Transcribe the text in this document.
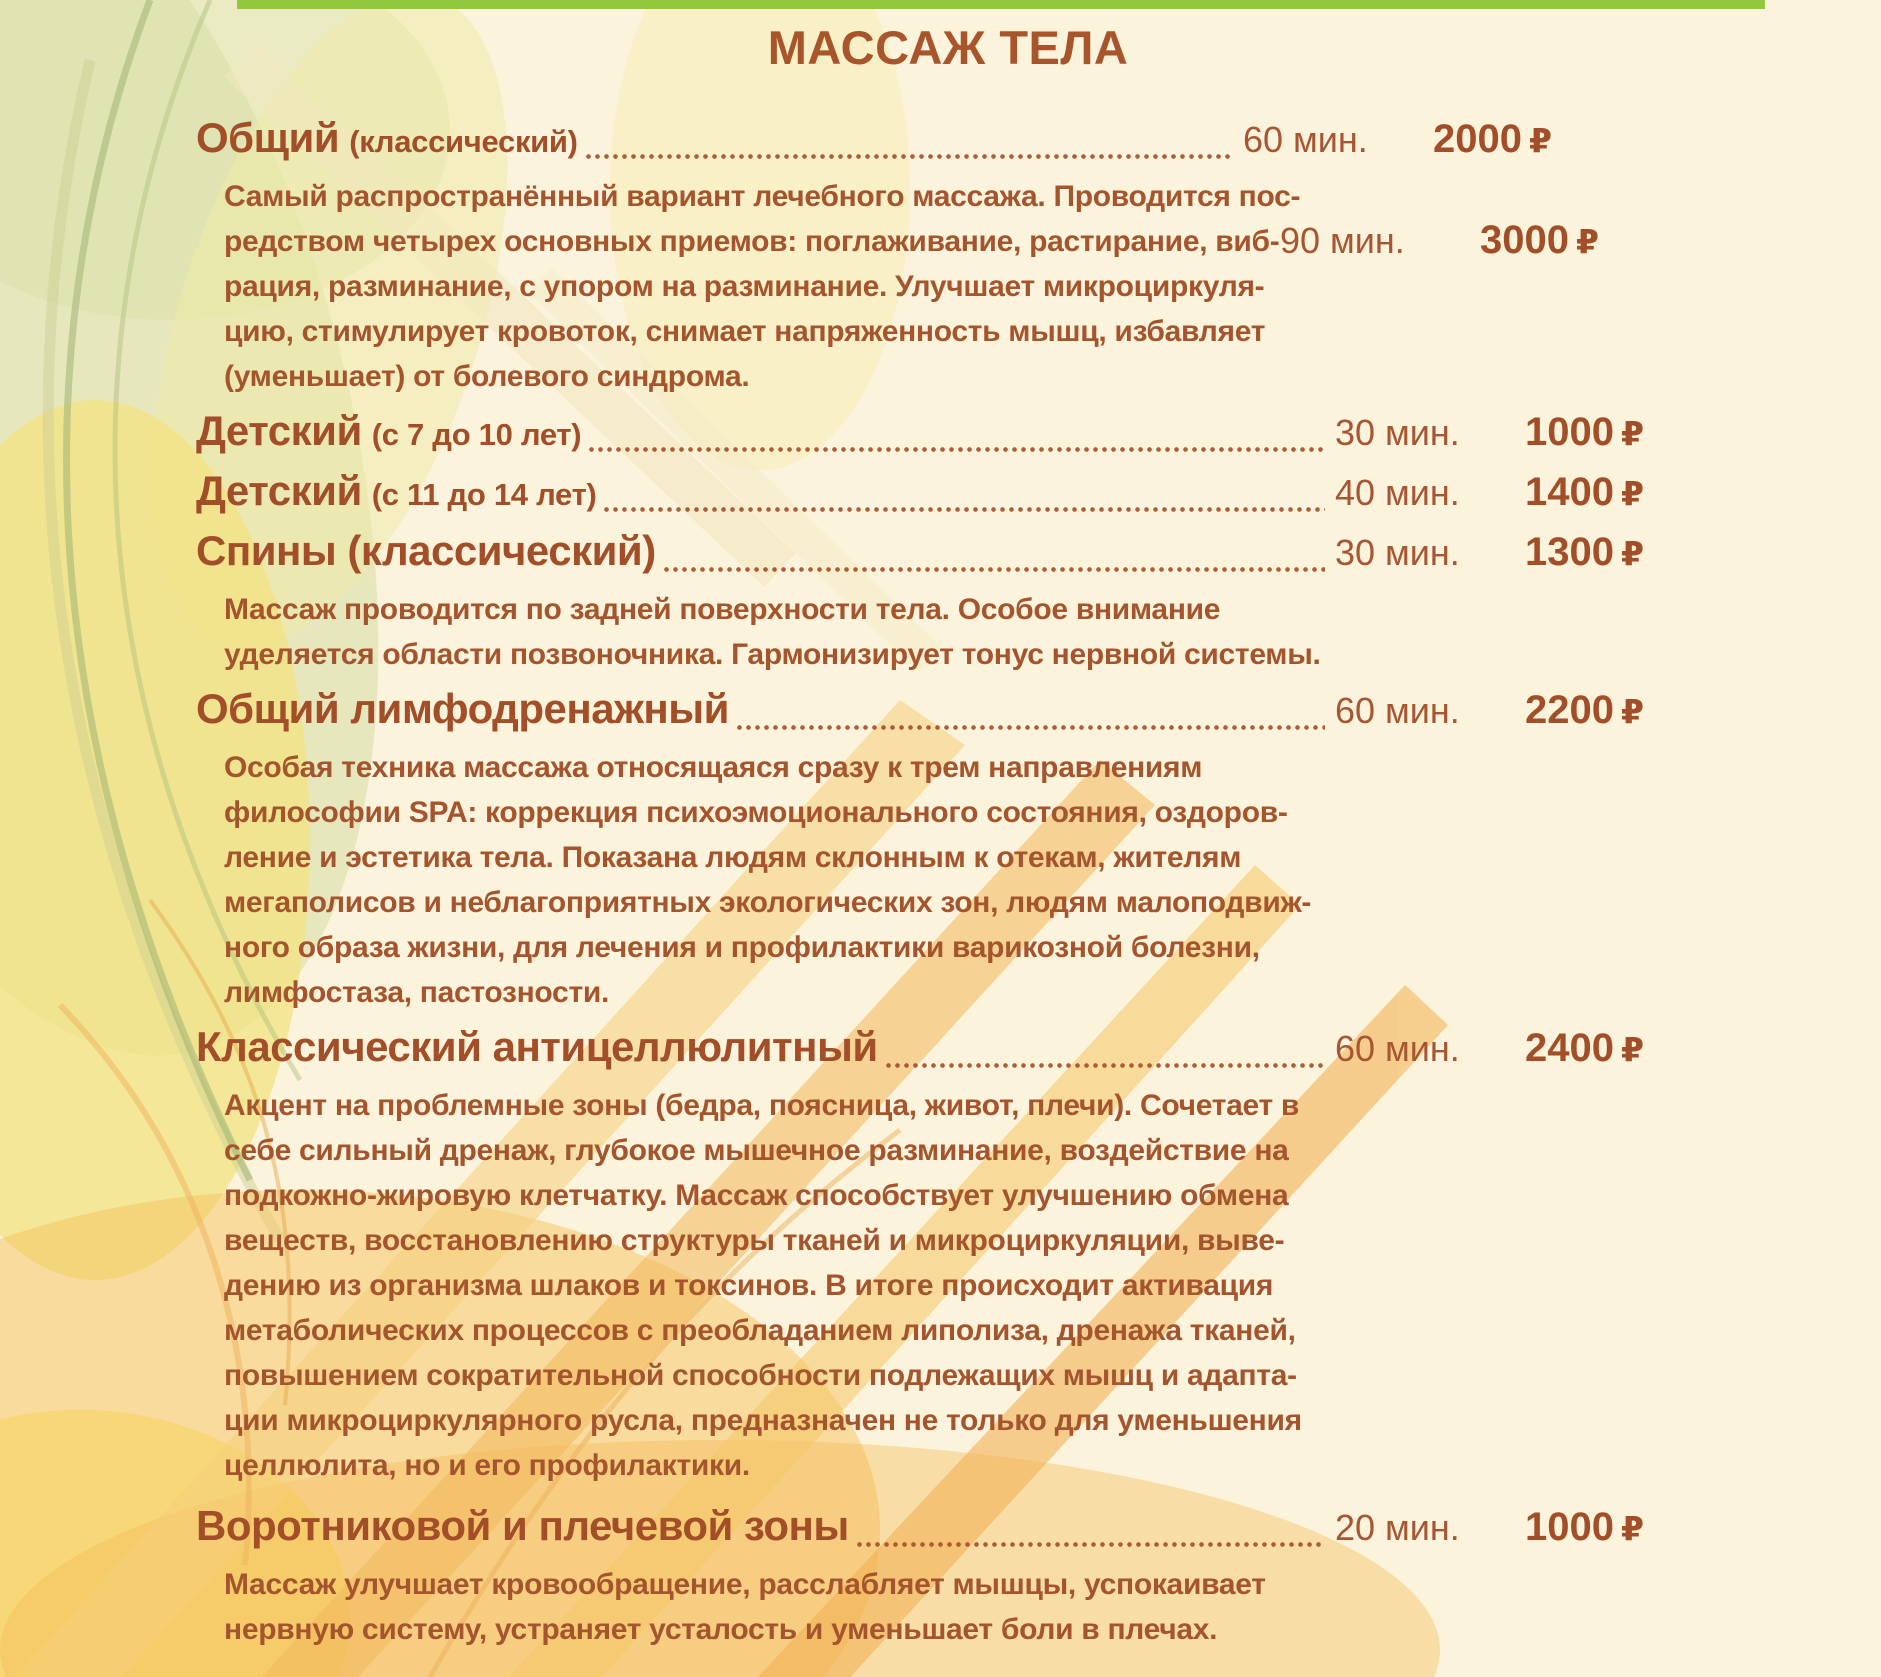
МАССАЖ ТЕЛА
Общий (классический)	60 мин.	2000 ₽
Самый распространённый вариант лечебного массажа. Проводится пос-
редством четырех основных приемов: поглаживание, растирание, виб-
рация, разминание, с упором на разминание. Улучшает микроциркуля-
цию, стимулирует кровоток, снимает напряженность мышц, избавляет
(уменьшает) от болевого синдрома.
90 мин.	3000 ₽
Детский (с 7 до 10 лет)	30 мин.	1000 ₽
Детский (с 11 до 14 лет)	40 мин.	1400 ₽
Спины (классический)	30 мин.	1300 ₽
Массаж проводится по задней поверхности тела. Особое внимание
уделяется области позвоночника. Гармонизирует тонус нервной системы.
Общий лимфодренажный	60 мин.	2200 ₽
Особая техника массажа относящаяся сразу к трем направлениям
философии SPA: коррекция психоэмоционального состояния, оздоров-
ление и эстетика тела. Показана людям склонным к отекам, жителям
мегаполисов и неблагоприятных экологических зон, людям малоподвиж-
ного образа жизни, для лечения и профилактики варикозной болезни,
лимфостаза, пастозности.
Классический антицеллюлитный	60 мин.	2400 ₽
Акцент на проблемные зоны (бедра, поясница, живот, плечи). Сочетает в
себе сильный дренаж, глубокое мышечное разминание, воздействие на
подкожно-жировую клетчатку. Массаж способствует улучшению обмена
веществ, восстановлению структуры тканей и микроциркуляции, выве-
дению из организма шлаков и токсинов. В итоге происходит активация
метаболических процессов с преобладанием липолиза, дренажа тканей,
повышением сократительной способности подлежащих мышц и адапта-
ции микроциркулярного русла, предназначен не только для уменьшения
целлюлита, но и его профилактики.
Воротниковой и плечевой зоны	20 мин.	1000 ₽
Массаж улучшает кровообращение, расслабляет мышцы, успокаивает
нервную систему, устраняет усталость и уменьшает боли в плечах.
